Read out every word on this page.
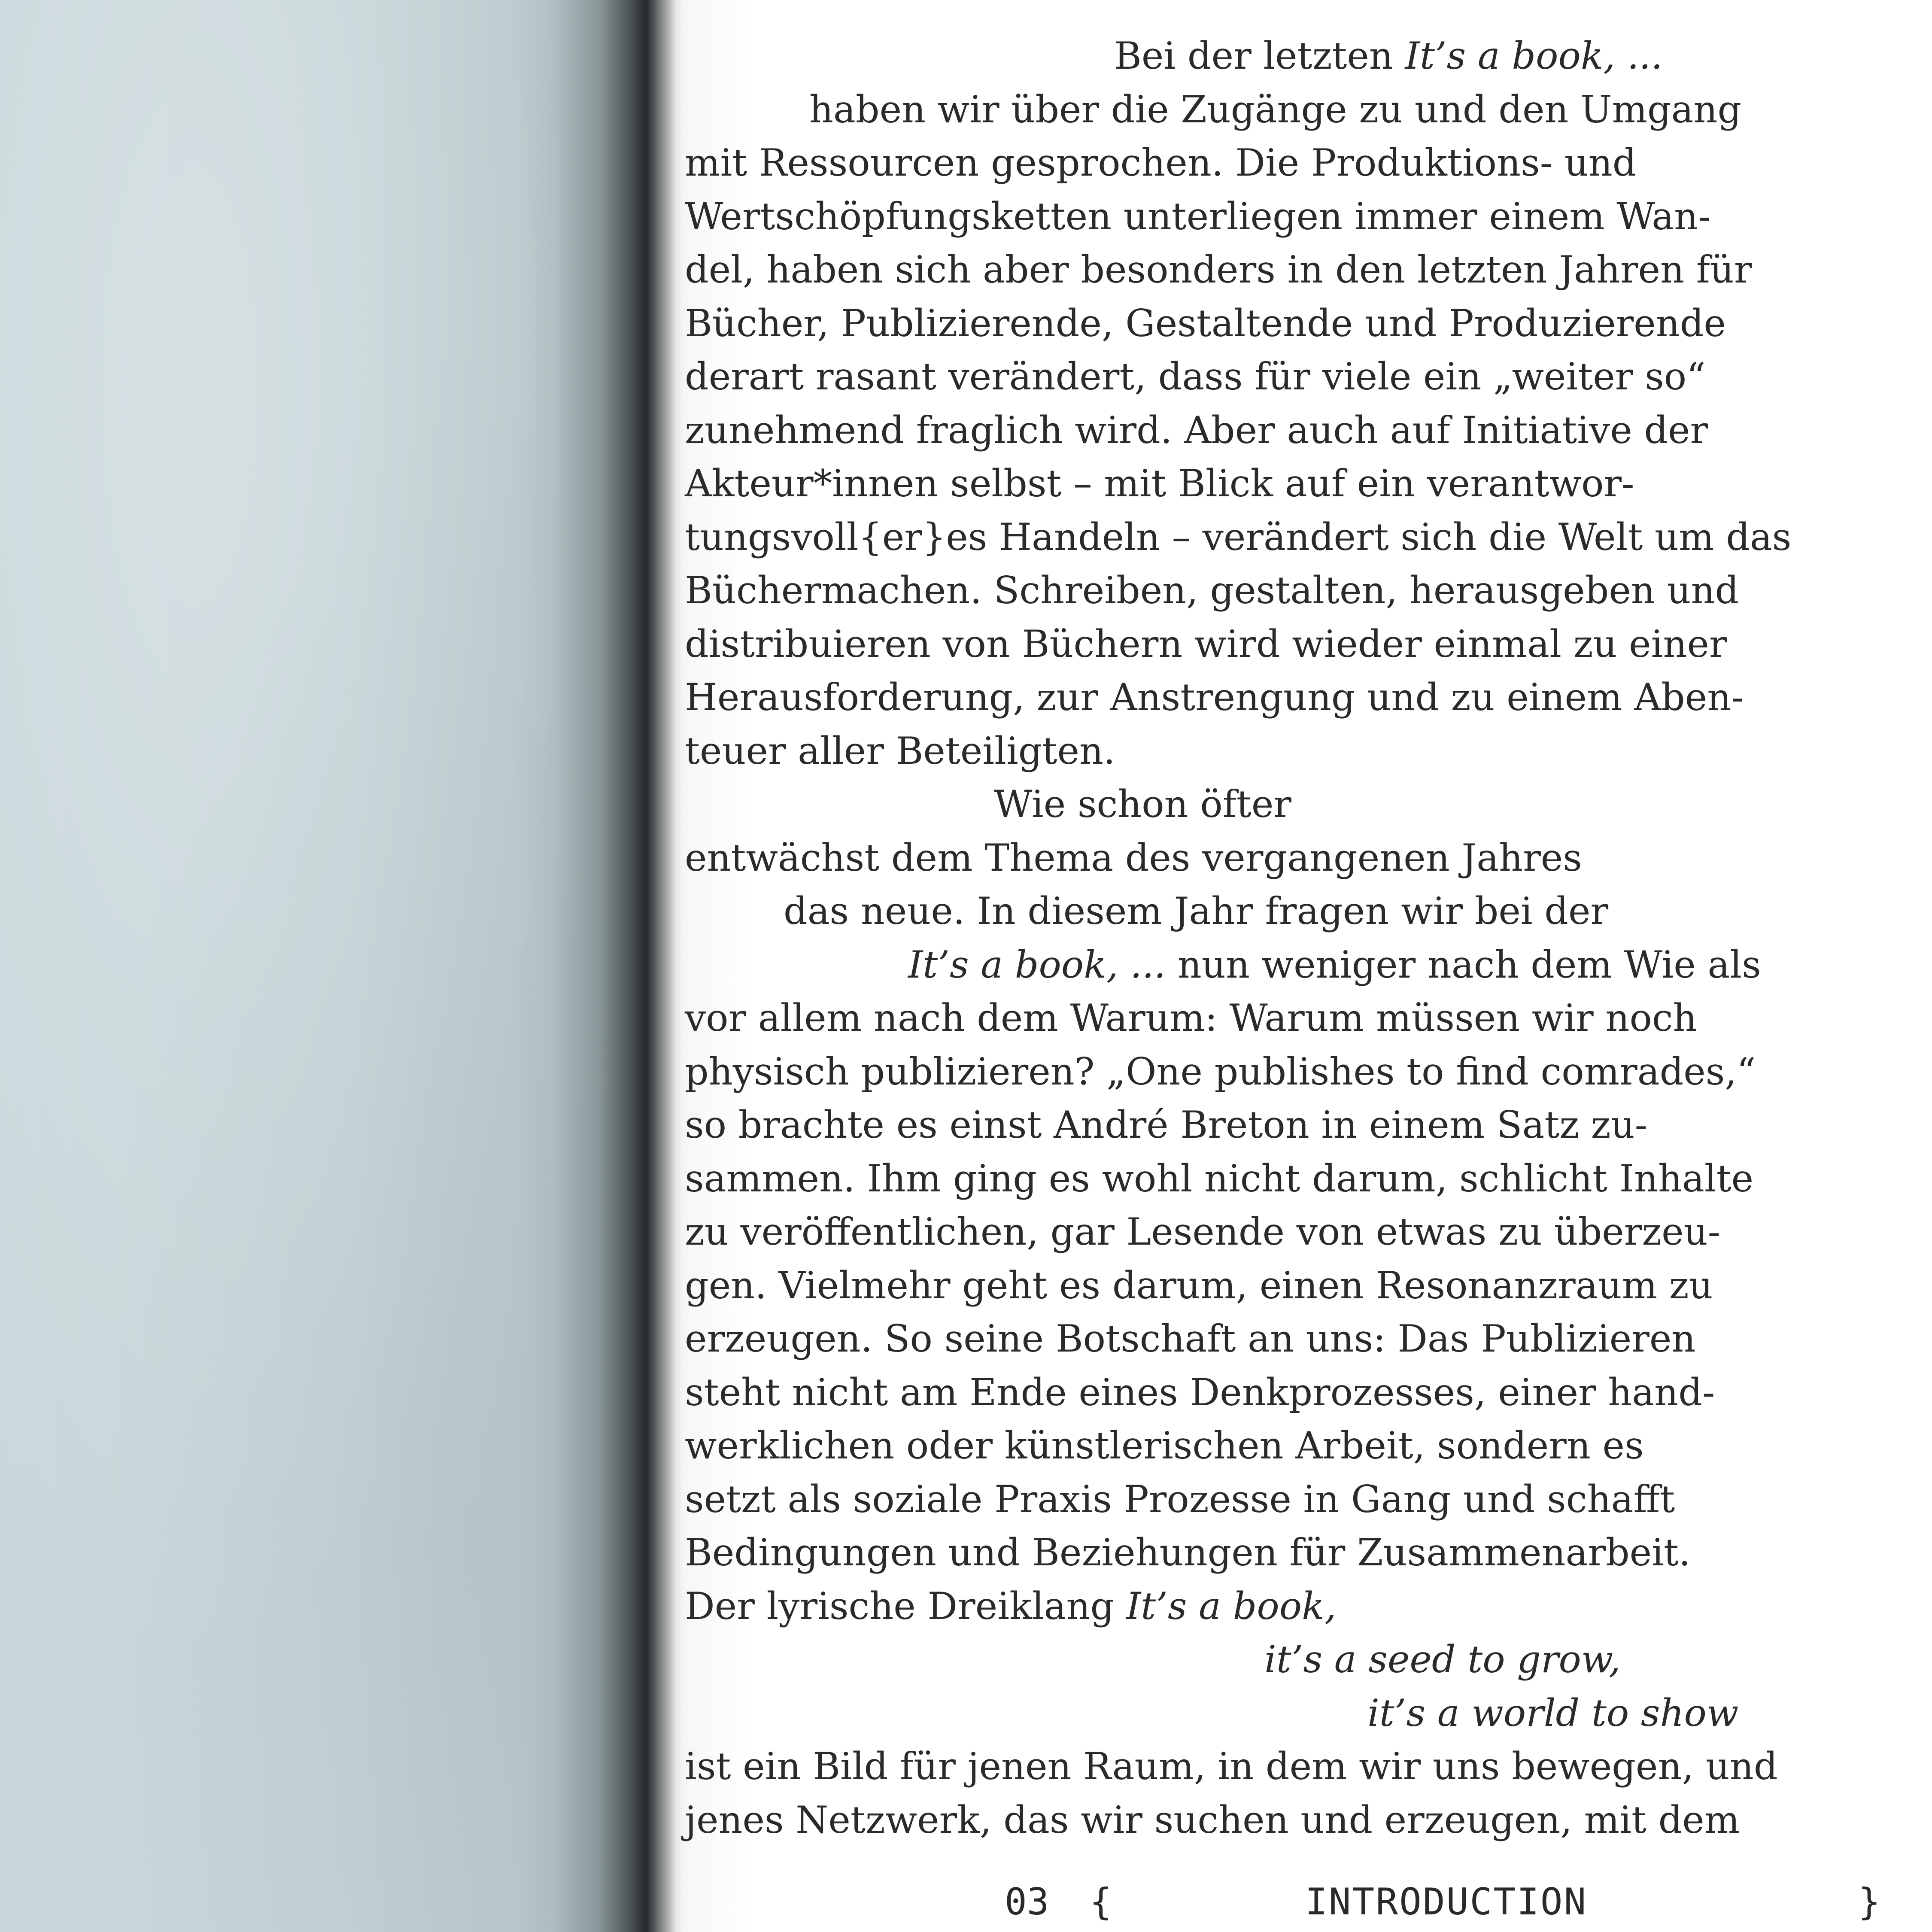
Bei der letzten It’s a book, ...
haben wir über die Zugänge zu und den Umgang
mit Ressourcen gesprochen. Die Produktions- und
Wertschöpfungsketten unterliegen immer einem Wan-
del, haben sich aber besonders in den letzten Jahren für
Bücher, Publizierende, Gestaltende und Produzierende
derart rasant verändert, dass für viele ein „weiter so“
zunehmend fraglich wird. Aber auch auf Initiative der
Akteur*innen selbst – mit Blick auf ein verantwor-
tungsvoll{er}es Handeln – verändert sich die Welt um das
Büchermachen. Schreiben, gestalten, herausgeben und
distribuieren von Büchern wird wieder einmal zu einer
Herausforderung, zur Anstrengung und zu einem Aben-
teuer aller Beteiligten.
Wie schon öfter
entwächst dem Thema des vergangenen Jahres
das neue. In diesem Jahr fragen wir bei der
It’s a book, ... nun weniger nach dem Wie als
vor allem nach dem Warum: Warum müssen wir noch
physisch publizieren? „One publishes to find comrades,“
so brachte es einst André Breton in einem Satz zu-
sammen. Ihm ging es wohl nicht darum, schlicht Inhalte
zu veröffentlichen, gar Lesende von etwas zu überzeu-
gen. Vielmehr geht es darum, einen Resonanzraum zu
erzeugen. So seine Botschaft an uns: Das Publizieren
steht nicht am Ende eines Denkprozesses, einer hand-
werklichen oder künstlerischen Arbeit, sondern es
setzt als soziale Praxis Prozesse in Gang und schafft
Bedingungen und Beziehungen für Zusammenarbeit.
Der lyrische Dreiklang It’s a book,
it’s a seed to grow,
it’s a world to show
ist ein Bild für jenen Raum, in dem wir uns bewegen, und
jenes Netzwerk, das wir suchen und erzeugen, mit dem
03 {	INTRODUCTION	}
